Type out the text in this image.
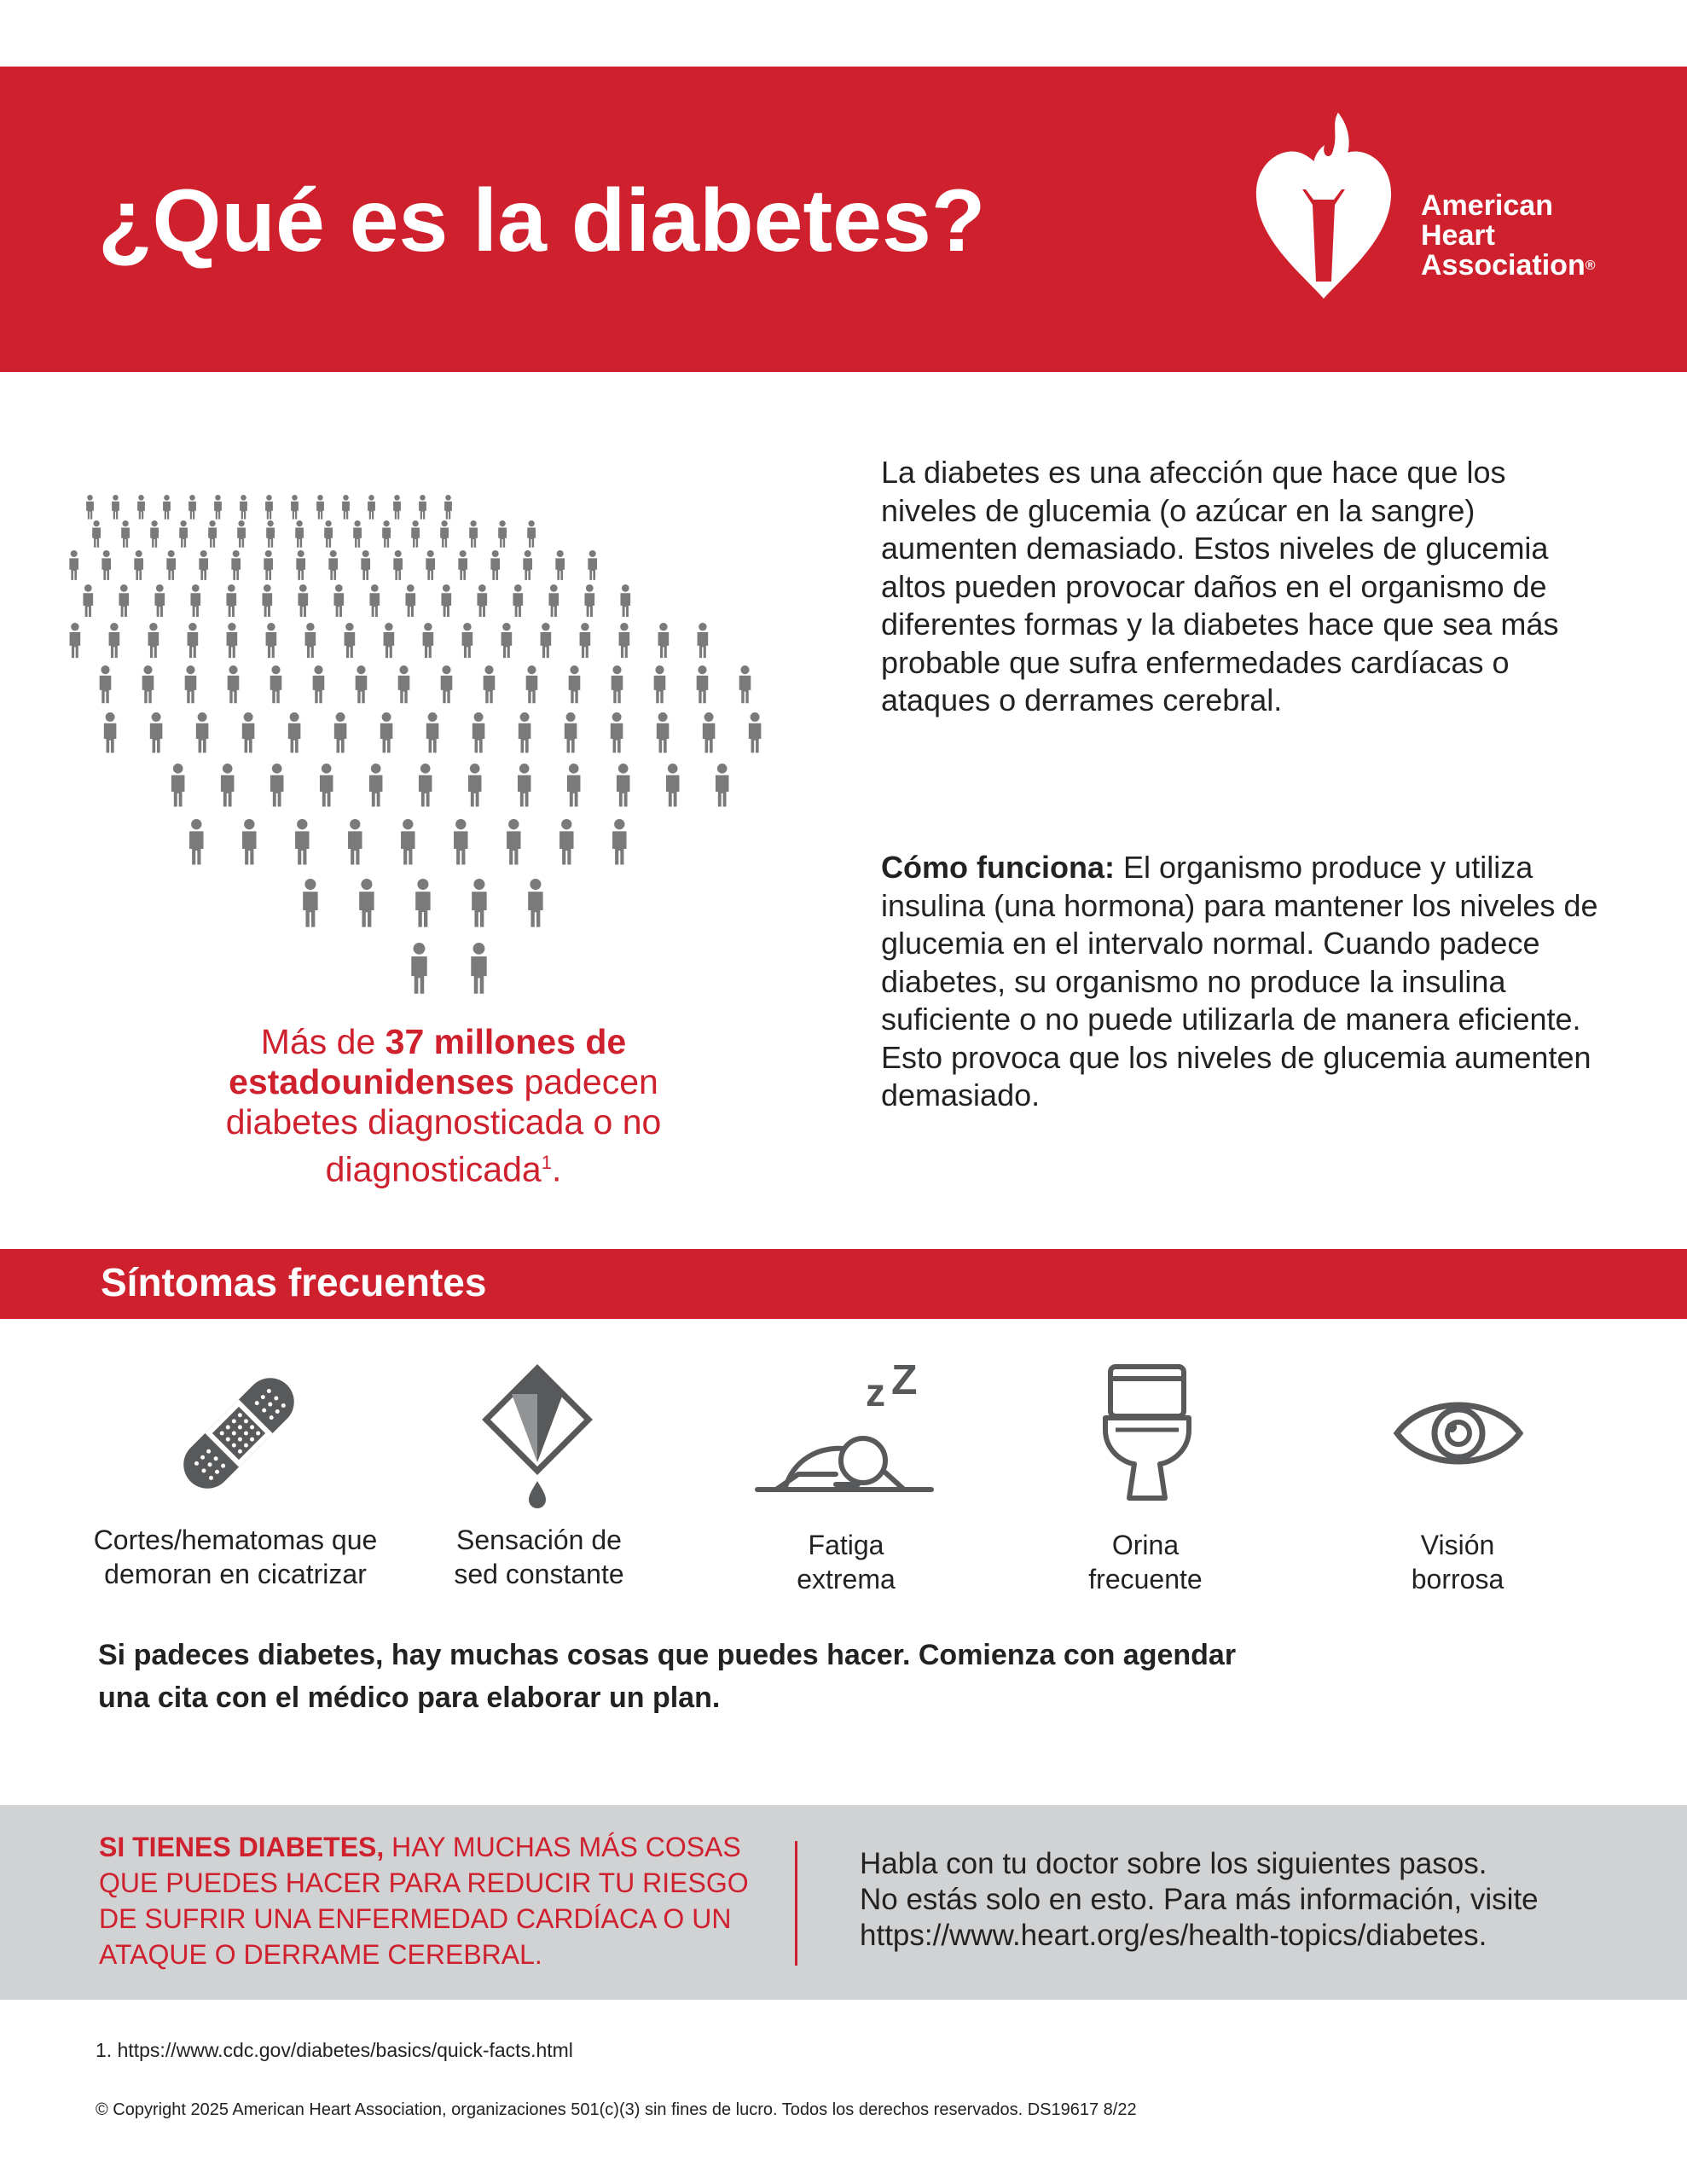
¿Qué es la diabetes?	American
Heart
Association®
Más de 37 millones de estadounidenses padecen diabetes diagnosticada o no diagnosticada$^1$.
La diabetes es una afección que hace que los niveles de glucemia (o azúcar en la sangre) aumenten demasiado. Estos niveles de glucemia altos pueden provocar daños en el organismo de diferentes formas y la diabetes hace que sea más probable que sufra enfermedades cardíacas o ataques o derrames cerebral.
Cómo funciona: El organismo produce y utiliza insulina (una hormona) para mantener los niveles de glucemia en el intervalo normal. Cuando padece diabetes, su organismo no produce la insulina suficiente o no puede utilizarla de manera eficiente. Esto provoca que los niveles de glucemia aumenten demasiado.
Síntomas frecuentes
z Z
Cortes/hematomas que
demoran en cicatrizar
Sensación de
sed constante
Fatiga
extrema
Orina
frecuente
Visión
borrosa
Si padeces diabetes, hay muchas cosas que puedes hacer. Comienza con agendar una cita con el médico para elaborar un plan.
SI TIENES DIABETES, HAY MUCHAS MÁS COSAS QUE PUEDES HACER PARA REDUCIR TU RIESGO DE SUFRIR UNA ENFERMEDAD CARDÍACA O UN ATAQUE O DERRAME CEREBRAL.
Habla con tu doctor sobre los siguientes pasos.
No estás solo en esto. Para más información, visite
https://www.heart.org/es/health-topics/diabetes.
1. https://www.cdc.gov/diabetes/basics/quick-facts.html
© Copyright 2025 American Heart Association, organizaciones 501(c)(3) sin fines de lucro. Todos los derechos reservados. DS19617 8/22
